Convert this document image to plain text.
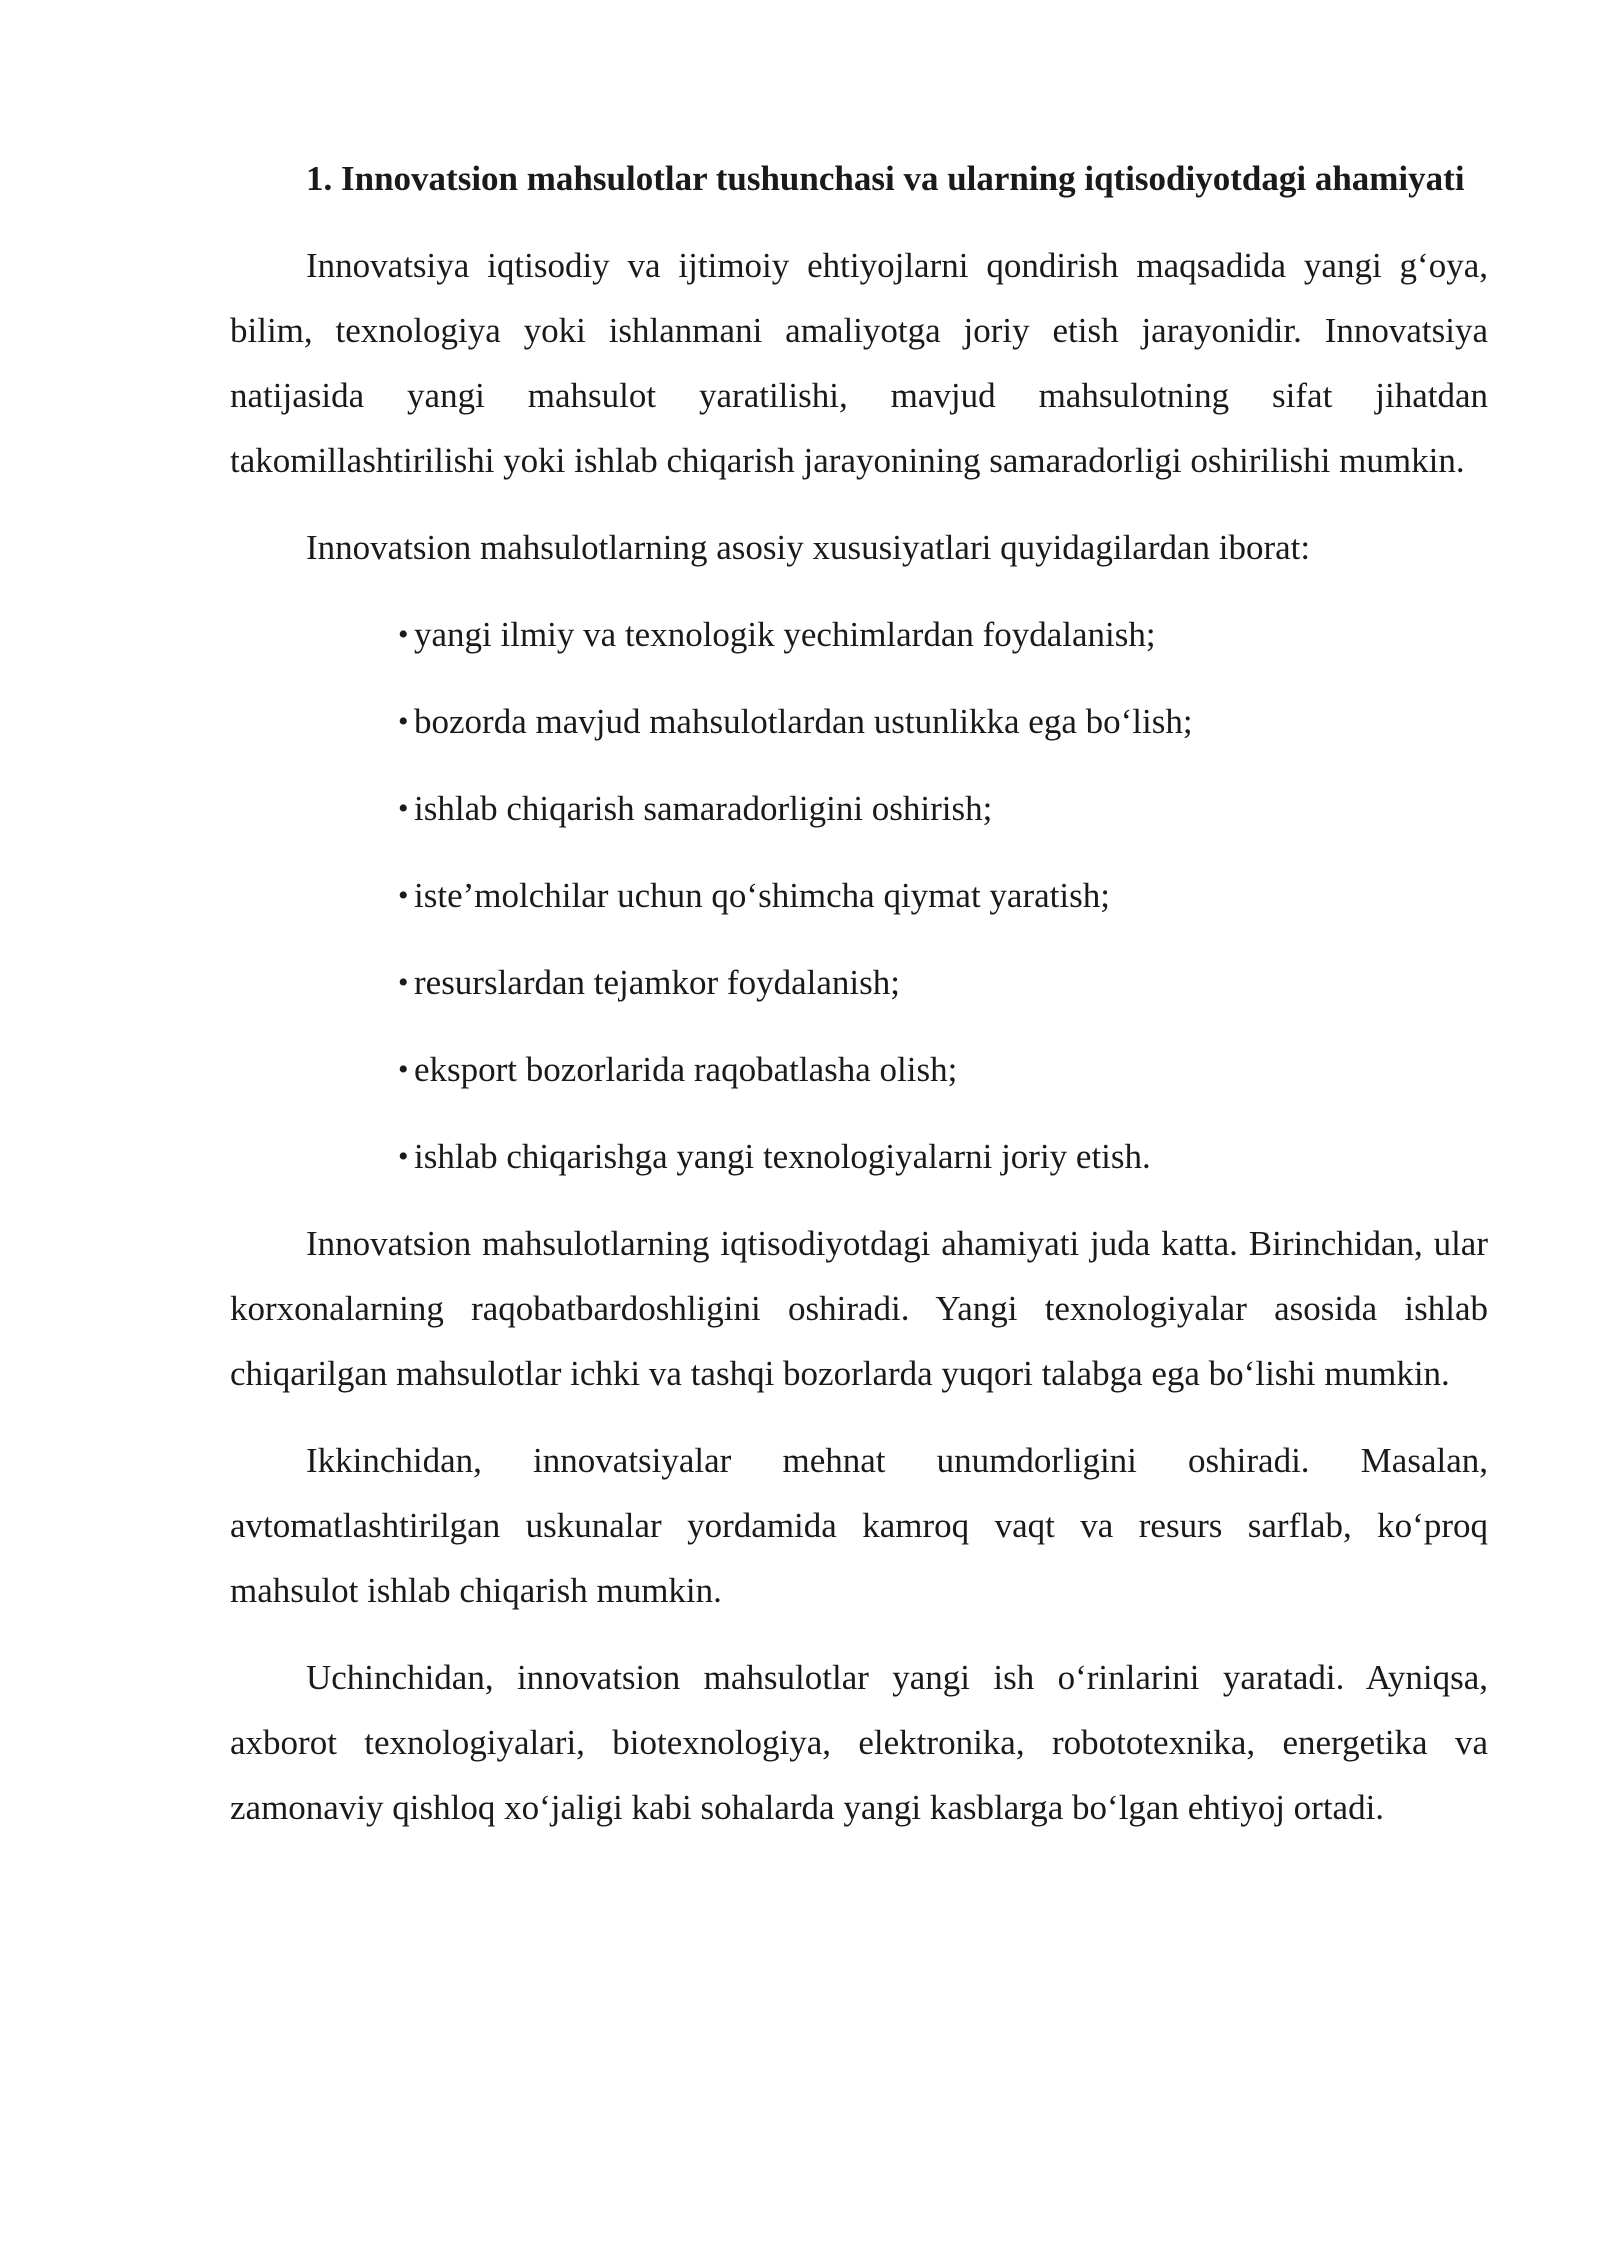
1. Innovatsion mahsulotlar tushunchasi va ularning iqtisodiyotdagi ahamiyati

Innovatsiya iqtisodiy va ijtimoiy ehtiyojlarni qondirish maqsadida yangi g‘oya, bilim, texnologiya yoki ishlanmani amaliyotga joriy etish jarayonidir. Innovatsiya natijasida yangi mahsulot yaratilishi, mavjud mahsulotning sifat jihatdan takomillashtirilishi yoki ishlab chiqarish jarayonining samaradorligi oshirilishi mumkin.

Innovatsion mahsulotlarning asosiy xususiyatlari quyidagilardan iborat:

• yangi ilmiy va texnologik yechimlardan foydalanish;
• bozorda mavjud mahsulotlardan ustunlikka ega bo‘lish;
• ishlab chiqarish samaradorligini oshirish;
• iste’molchilar uchun qo‘shimcha qiymat yaratish;
• resurslardan tejamkor foydalanish;
• eksport bozorlarida raqobatlasha olish;
• ishlab chiqarishga yangi texnologiyalarni joriy etish.

Innovatsion mahsulotlarning iqtisodiyotdagi ahamiyati juda katta. Birinchidan, ular korxonalarning raqobatbardoshligini oshiradi. Yangi texnologiyalar asosida ishlab chiqarilgan mahsulotlar ichki va tashqi bozorlarda yuqori talabga ega bo‘lishi mumkin.

Ikkinchidan, innovatsiyalar mehnat unumdorligini oshiradi. Masalan, avtomatlashtirilgan uskunalar yordamida kamroq vaqt va resurs sarflab, ko‘proq mahsulot ishlab chiqarish mumkin.

Uchinchidan, innovatsion mahsulotlar yangi ish o‘rinlarini yaratadi. Ayniqsa, axborot texnologiyalari, biotexnologiya, elektronika, robototexnika, energetika va zamonaviy qishloq xo‘jaligi kabi sohalarda yangi kasblarga bo‘lgan ehtiyoj ortadi.
